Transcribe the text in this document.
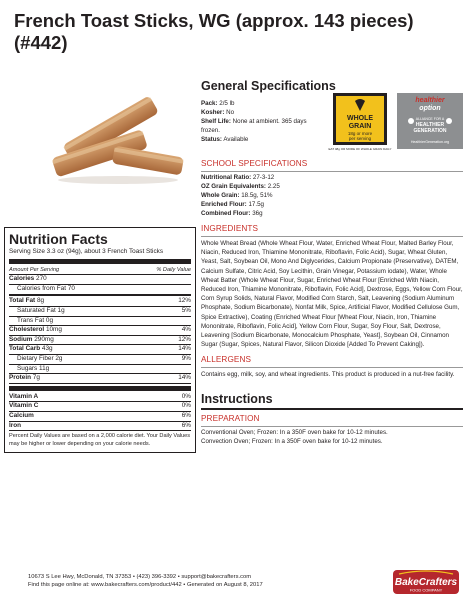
French Toast Sticks, WG (approx. 143 pieces) (#442)
General Specifications
Pack: 2/5 lb
Kosher: No
Shelf Life: None at ambient. 365 days frozen.
Status: Available
WHOLE
GRAIN
18g or more
per serving
EAT 48g OR MORE OF WHOLE GRAIN DAILY
healthier
option
ALLIANCE FOR A
HEALTHIER
GENERATION
HealthierGeneration.org
SCHOOL SPECIFICATIONS
Nutritional Ratio: 27-3-12
OZ Grain Equivalents: 2.25
Whole Grain: 18.5g, 51%
Enriched Flour: 17.5g
Combined Flour: 36g
INGREDIENTS
Whole Wheat Bread (Whole Wheat Flour, Water, Enriched Wheat Flour, Malted Barley Flour, Niacin, Reduced Iron, Thiamine Mononitrate, Riboflavin, Folic Acid), Sugar, Wheat Gluten, Yeast, Salt, Soybean Oil, Mono And Diglycerides, Calcium Propionate (Preservative), DATEM, Calcium Sulfate, Citric Acid, Soy Lecithin, Grain Vinegar, Potassium iodate), Water, Whole Wheat Batter (Whole Wheat Flour, Sugar, Enriched Wheat Flour [Enriched With Niacin, Reduced Iron, Thiamine Mononitrate, Riboflavin, Folic Acid], Dextrose, Eggs, Yellow Corn Flour, Corn Syrup Solids, Natural Flavor, Modified Corn Starch, Salt, Leavening (Sodium Aluminum Phosphate, Sodium Bicarbonate), Nonfat Milk, Spice, Artificial Flavor, Modified Cellulose Gum, Spice Extractive), Coating (Enriched Wheat Flour [Wheat Flour, Niacin, Iron, Thiamine Mononitrate, Riboflavin, Folic Acid], Yellow Corn Flour, Sugar, Soy Flour, Salt, Dextrose, Leavening [Sodium Bicarbonate, Monocalcium Phosphate, Yeast], Soybean Oil, Cinnamon Sugar (Sugar, Spices, Natural Flavor, Silicon Dioxide [Added To Prevent Caking]).
ALLERGENS
Contains egg, milk, soy, and wheat ingredients. This product is produced in a nut-free facility.
Instructions
PREPARATION
Conventional Oven; Frozen: In a 350F oven bake for 10-12 minutes.
Convection Oven; Frozen: In a 350F oven bake for 10-12 minutes.
Nutrition Facts
Serving Size 3.3 oz (94g), about 3 French Toast Sticks
Amount Per Serving	% Daily Value
Calories 270
Calories from Fat 70
Total Fat 8g	12%
Saturated Fat 1g	5%
Trans Fat 0g
Cholesterol 10mg	4%
Sodium 290mg	12%
Total Carb 43g	14%
Dietary Fiber 2g	9%
Sugars 11g
Protein 7g	14%
Vitamin A	0%
Vitamin C	0%
Calcium	6%
Iron	6%
Percent Daily Values are based on a 2,000 calorie diet. Your Daily Values may be higher or lower depending on your calorie needs.
10673 S Lee Hwy, McDonald, TN 37353 • (423) 396-3392 • support@bakecrafters.com
Find this page online at: www.bakecrafters.com/product/442 • Generated on August 8, 2017	BakeCrafters
FOOD COMPANY
